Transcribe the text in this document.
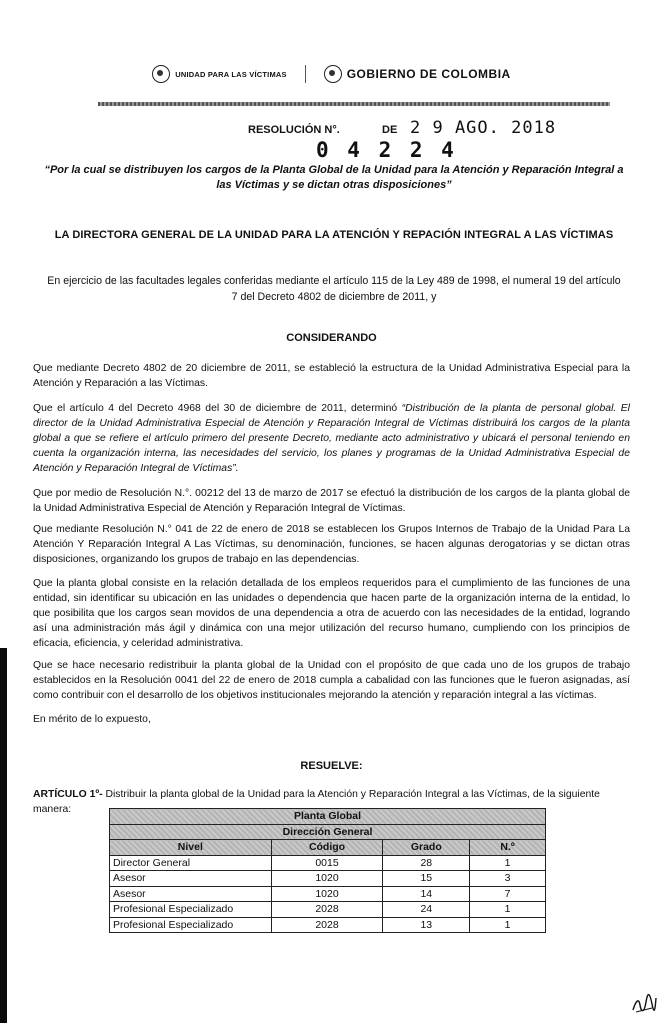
UNIDAD PARA LAS VÍCTIMAS	GOBIERNO DE COLOMBIA
RESOLUCIÓN N°.	DE 2 9 AGO. 2018
0 4 2 2 4
“Por la cual se distribuyen los cargos de la Planta Global de la Unidad para la Atención y Reparación Integral a las Víctimas y se dictan otras disposiciones”
LA DIRECTORA GENERAL DE LA UNIDAD PARA LA ATENCIÓN Y REPACIÓN INTEGRAL A LAS VÍCTIMAS
En ejercicio de las facultades legales conferidas mediante el artículo 115 de la Ley 489 de 1998, el numeral 19 del artículo 7 del Decreto 4802 de diciembre de 2011, y
CONSIDERANDO
Que mediante Decreto 4802 de 20 diciembre de 2011, se estableció la estructura de la Unidad Administrativa Especial para la Atención y Reparación a las Víctimas.
Que el artículo 4 del Decreto 4968 del 30 de diciembre de 2011, determinó “Distribución de la planta de personal global. El director de la Unidad Administrativa Especial de Atención y Reparación Integral de Víctimas distribuirá los cargos de la planta global a que se refiere el artículo primero del presente Decreto, mediante acto administrativo y ubicará el personal teniendo en cuenta la organización interna, las necesidades del servicio, los planes y programas de la Unidad Administrativa Especial de Atención y Reparación Integral de Víctimas”.
Que por medio de Resolución N.°. 00212 del 13 de marzo de 2017 se efectuó la distribución de los cargos de la planta global de la Unidad Administrativa Especial de Atención y Reparación Integral de Víctimas.
Que mediante Resolución N.° 041 de 22 de enero de 2018 se establecen los Grupos Internos de Trabajo de la Unidad Para La Atención Y Reparación Integral A Las Víctimas, su denominación, funciones, se hacen algunas derogatorias y se dictan otras disposiciones, organizando los grupos de trabajo en las dependencias.
Que la planta global consiste en la relación detallada de los empleos requeridos para el cumplimiento de las funciones de una entidad, sin identificar su ubicación en las unidades o dependencia que hacen parte de la organización interna de la entidad, lo que posibilita que los cargos sean movidos de una dependencia a otra de acuerdo con las necesidades de la entidad, logrando así una administración más ágil y dinámica con una mejor utilización del recurso humano, cumpliendo con los principios de eficacia, eficiencia, y celeridad administrativa.
Que se hace necesario redistribuir la planta global de la Unidad con el propósito de que cada uno de los grupos de trabajo establecidos en la Resolución 0041 del 22 de enero de 2018 cumpla a cabalidad con las funciones que le fueron asignadas, así como contribuir con el desarrollo de los objetivos institucionales mejorando la atención y reparación integral a las víctimas.
En mérito de lo expuesto,
RESUELVE:
ARTÍCULO 1º- Distribuir la planta global de la Unidad para la Atención y Reparación Integral a las Víctimas, de la siguiente manera:
Planta Global			
Dirección General			
Nivel	Código	Grado	N.º
Director General	0015	28	1
Asesor	1020	15	3
Asesor	1020	14	7
Profesional Especializado	2028	24	1
Profesional Especializado	2028	13	1
